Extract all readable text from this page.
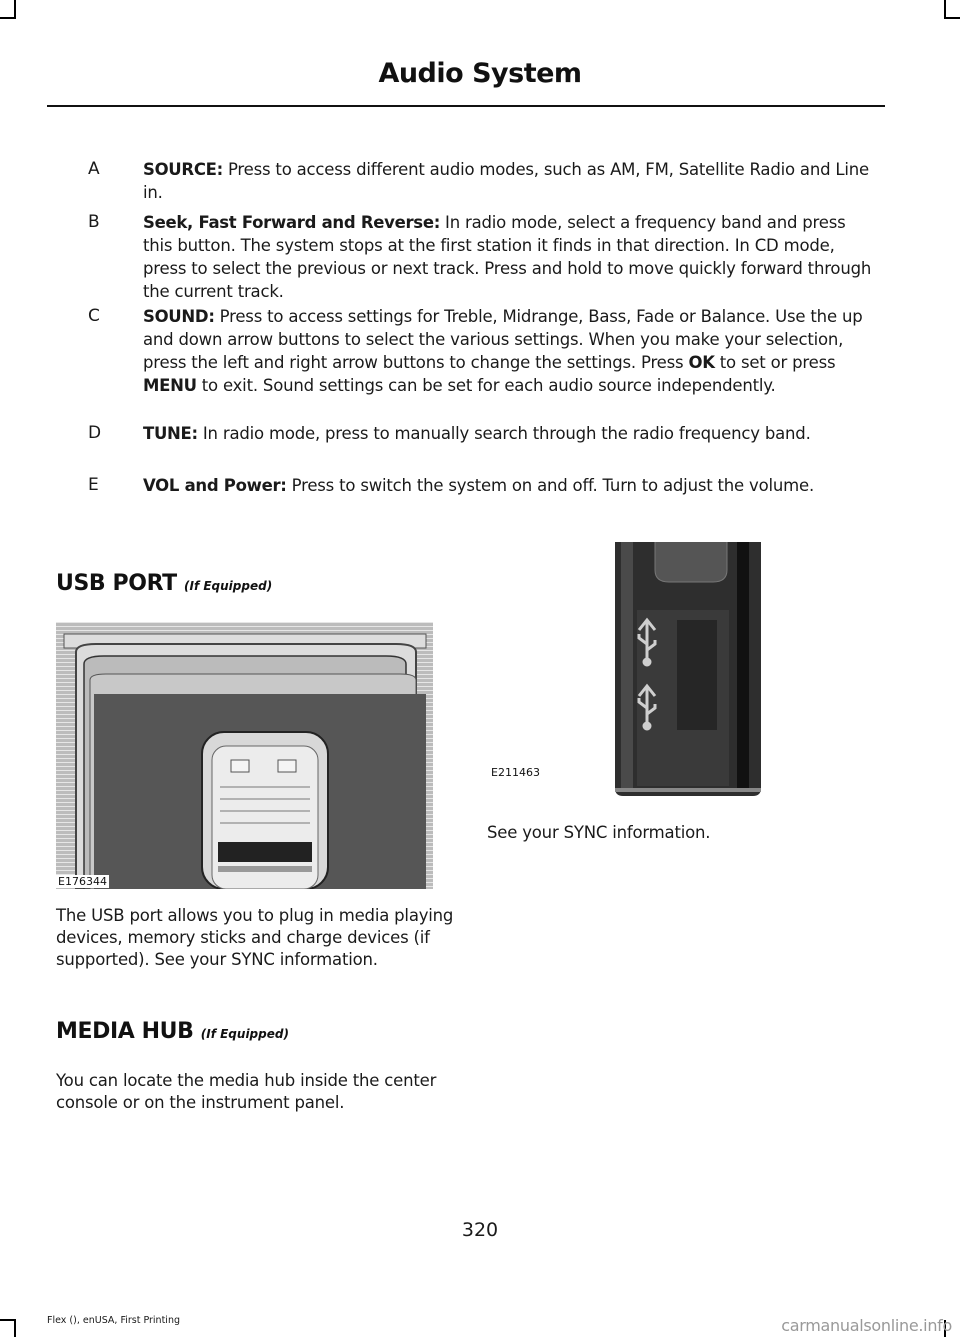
Audio System
A	SOURCE: Press to access different audio modes, such as AM, FM, Satellite Radio and Line in.
B	Seek, Fast Forward and Reverse: In radio mode, select a frequency band and press this button. The system stops at the first station it finds in that direction. In CD mode, press to select the previous or next track. Press and hold to move quickly forward through the current track.
C	SOUND: Press to access settings for Treble, Midrange, Bass, Fade or Balance. Use the up and down arrow buttons to select the various settings. When you make your selection, press the left and right arrow buttons to change the settings. Press OK to set or press MENU to exit. Sound settings can be set for each audio source independently.
D	TUNE: In radio mode, press to manually search through the radio frequency band.
E	VOL and Power: Press to switch the system on and off. Turn to adjust the volume.
USB PORT (If Equipped)
E176344
The USB port allows you to plug in media playing devices, memory sticks and charge devices (if supported). See your SYNC information.
MEDIA HUB (If Equipped)
You can locate the media hub inside the center console or on the instrument panel.
E211463
See your SYNC information.
320
Flex (), enUSA, First Printing	carmanualsonline.info
